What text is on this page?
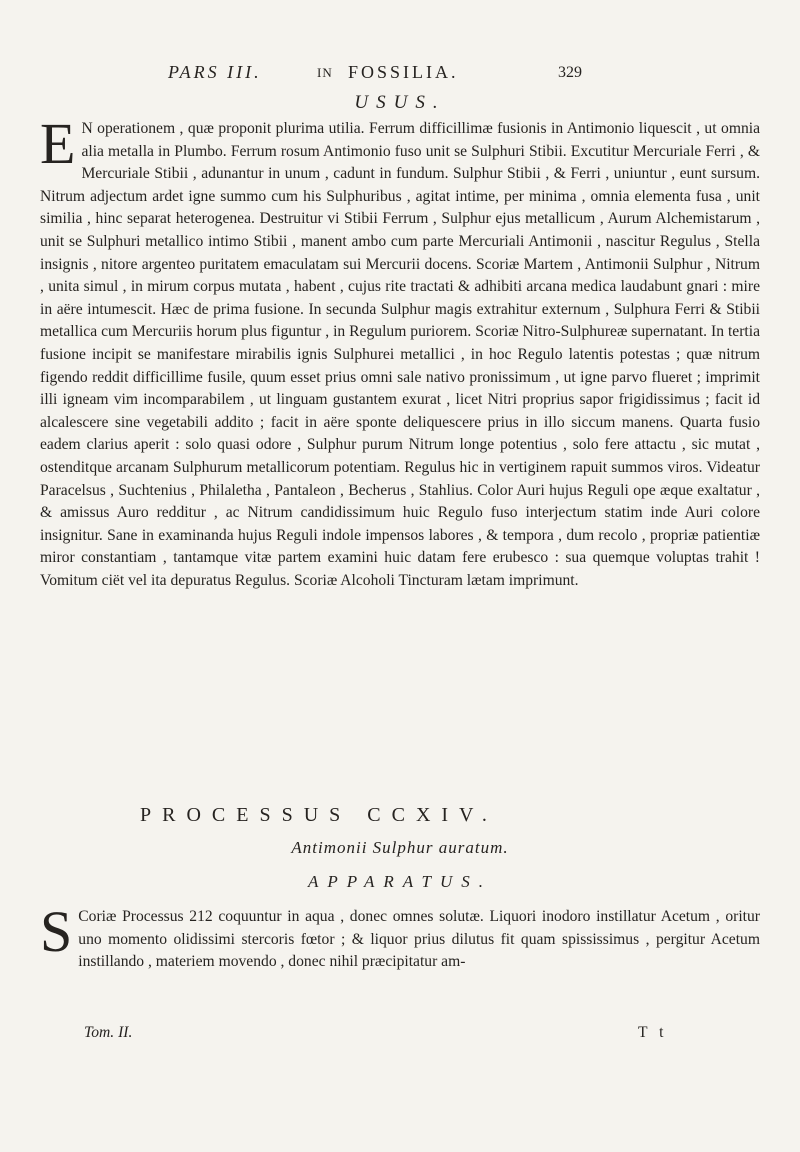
PARS III.	IN FOSSILIA.	329
USUS.
E N operationem , quæ proponit plurima utilia. Ferrum difficillimæ fusionis in Antimonio liquescit , ut omnia alia metalla in Plumbo. Ferrum rosum Antimonio fuso unit se Sulphuri Stibii. Excutitur Mercuriale Ferri , & Mercuriale Stibii , adunantur in unum , cadunt in fundum. Sulphur Stibii , & Ferri , uniuntur , eunt sursum. Nitrum adjectum ardet igne summo cum his Sulphuribus , agitat intime, per minima , omnia elementa fusa , unit similia , hinc separat heterogenea. Destruitur vi Stibii Ferrum , Sulphur ejus metallicum , Aurum Alchemistarum , unit se Sulphuri metallico intimo Stibii , manent ambo cum parte Mercuriali Antimonii , nascitur Regulus , Stella insignis , nitore argenteo puritatem emaculatam sui Mercurii docens. Scoriæ Martem , Antimonii Sulphur , Nitrum , unita simul , in mirum corpus mutata , habent , cujus rite tractati & adhibiti arcana medica laudabunt gnari : mire in aëre intumescit. Hæc de prima fusione. In secunda Sulphur magis extrahitur externum , Sulphura Ferri & Stibii metallica cum Mercuriis horum plus figuntur , in Regulum puriorem. Scoriæ Nitro-Sulphureæ supernatant. In tertia fusione incipit se manifestare mirabilis ignis Sulphurei metallici , in hoc Regulo latentis potestas ; quæ nitrum figendo reddit difficillime fusile, quum esset prius omni sale nativo pronissimum , ut igne parvo flueret ; imprimit illi igneam vim incomparabilem , ut linguam gustantem exurat , licet Nitri proprius sapor frigidissimus ; facit id alcalescere sine vegetabili addito ; facit in aëre sponte deliquescere prius in illo siccum manens. Quarta fusio eadem clarius aperit : solo quasi odore , Sulphur purum Nitrum longe potentius , solo fere attactu , sic mutat , ostenditque arcanam Sulphurum metallicorum potentiam. Regulus hic in vertiginem rapuit summos viros. Videatur Paracelsus , Suchtenius , Philaletha , Pantaleon , Becherus , Stahlius. Color Auri hujus Reguli ope æque exaltatur , & amissus Auro redditur , ac Nitrum candidissimum huic Regulo fuso interjectum statim inde Auri colore insignitur. Sane in examinanda hujus Reguli indole impensos labores , & tempora , dum recolo , propriæ patientiæ miror constantiam , tantamque vitæ partem examini huic datam fere erubesco : sua quemque voluptas trahit ! Vomitum ciët vel ita depuratus Regulus. Scoriæ Alcoholi Tincturam lætam imprimunt.
PROCESSUS CCXIV.
Antimonii Sulphur auratum.
APPARATUS.
S Coriæ Processus 212 coquuntur in aqua , donec omnes solutæ. Liquori inodoro instillatur Acetum , oritur uno momento olidissimi stercoris fœtor ; & liquor prius dilutus fit quam spississimus , pergitur Acetum instillando , materiem movendo , donec nihil præcipitatur am-
Tom. II.	T t
